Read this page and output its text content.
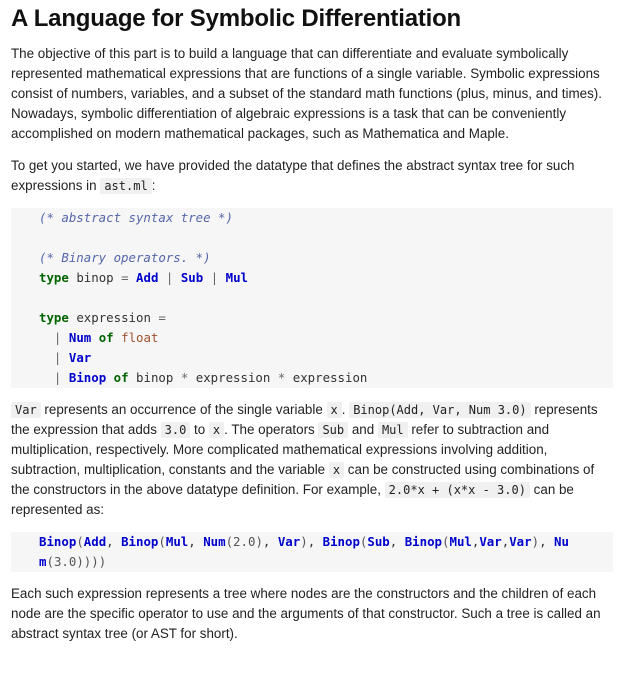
A Language for Symbolic Differentiation

The objective of this part is to build a language that can differentiate and evaluate symbolically represented mathematical expressions that are functions of a single variable. Symbolic expressions consist of numbers, variables, and a subset of the standard math functions (plus, minus, and times). Nowadays, symbolic differentiation of algebraic expressions is a task that can be conveniently accomplished on modern mathematical packages, such as Mathematica and Maple.

To get you started, we have provided the datatype that defines the abstract syntax tree for such expressions in ast.ml :

(* abstract syntax tree *)

(* Binary operators. *)
type binop = Add | Sub | Mul

type expression =
| Num of float
| Var
| Binop of binop * expression * expression

Var represents an occurrence of the single variable x . Binop(Add, Var, Num 3.0) represents the expression that adds 3.0 to x . The operators Sub and Mul refer to subtraction and multiplication, respectively. More complicated mathematical expressions involving addition, subtraction, multiplication, constants and the variable x can be constructed using combinations of the constructors in the above datatype definition. For example, 2.0*x + (x*x - 3.0) can be represented as:

Binop(Add, Binop(Mul, Num(2.0), Var), Binop(Sub, Binop(Mul,Var,Var), Nu
m(3.0))))

Each such expression represents a tree where nodes are the constructors and the children of each node are the specific operator to use and the arguments of that constructor. Such a tree is called an abstract syntax tree (or AST for short).
